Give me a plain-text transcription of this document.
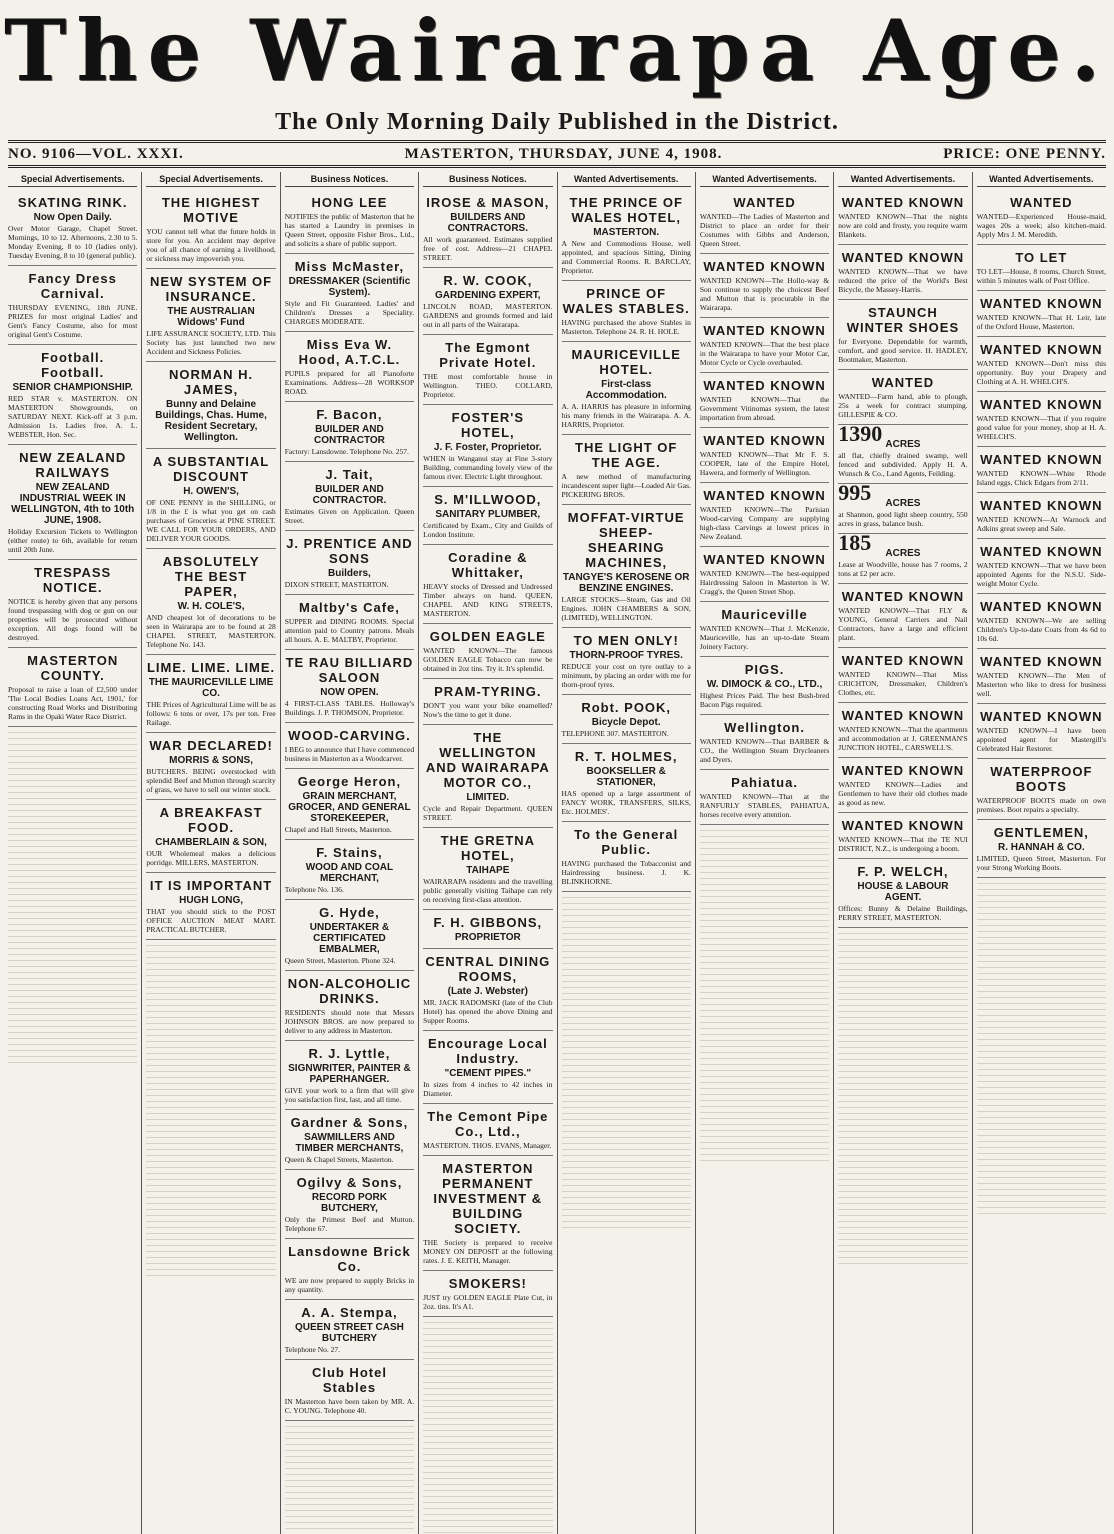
The Wairarapa Age.
The Only Morning Daily Published in the District.
NO. 9106—VOL. XXXI.	MASTERTON, THURSDAY, JUNE 4, 1908.	PRICE: ONE PENNY.
Special Advertisements.
SKATING RINK.
Now Open Daily.

Over Motor Garage, Chapel Street. Mornings, 10 to 12. Afternoons, 2.30 to 5. Monday Evening, 8 to 10 (ladies only). Tuesday Evening, 8 to 10 (general public).

Fancy Dress Carnival.

THURSDAY EVENING, 18th JUNE. PRIZES for most original Ladies' and Gent's Fancy Costume, also for most original Gent's Costume.

Football. Football.
SENIOR CHAMPIONSHIP.

RED STAR v. MASTERTON. ON MASTERTON Showgrounds, on SATURDAY NEXT. Kick-off at 3 p.m. Admission 1s. Ladies free. A. L. WEBSTER, Hon. Sec.

NEW ZEALAND RAILWAYS
NEW ZEALAND INDUSTRIAL WEEK IN WELLINGTON, 4th to 10th JUNE, 1908.

Holiday Excursion Tickets to Wellington (either route) to 6th, available for return until 20th June.

TRESPASS NOTICE.

NOTICE is hereby given that any persons found trespassing with dog or gun on our properties will be prosecuted without exception. All dogs found will be destroyed.

MASTERTON COUNTY.

Proposal to raise a loan of £2,500 under 'The Local Bodies Loans Act, 1901,' for constructing Road Works and Distributing Rams in the Opaki Water Race District.

Special Advertisements.
THE HIGHEST MOTIVE

YOU cannot tell what the future holds in store for you. An accident may deprive you of all chance of earning a livelihood, or sickness may impoverish you.

NEW SYSTEM OF INSURANCE.
THE AUSTRALIAN Widows' Fund

LIFE ASSURANCE SOCIETY, LTD. This Society has just launched two new Accident and Sickness Policies.

NORMAN H. JAMES,
Bunny and Delaine Buildings, Chas. Hume, Resident Secretary, Wellington.
A SUBSTANTIAL DISCOUNT
H. OWEN'S,

OF ONE PENNY in the SHILLING, or 1/8 in the £ is what you get on cash purchases of Groceries at PINE STREET. WE CALL FOR YOUR ORDERS, AND DELIVER YOUR GOODS.

ABSOLUTELY THE BEST PAPER,
W. H. COLE'S,

AND cheapest lot of decorations to be seen in Wairarapa are to be found at 28 CHAPEL STREET, MASTERTON. Telephone No. 143.

LIME. LIME. LIME.
THE MAURICEVILLE LIME CO.

THE Prices of Agricultural Lime will be as follows: 6 tons or over, 17s per ton. Free Railage.

WAR DECLARED!
MORRIS & SONS,

BUTCHERS. BEING overstocked with splendid Beef and Mutton through scarcity of grass, we have to sell our winter stock.

A BREAKFAST FOOD.
CHAMBERLAIN & SON,

OUR Wholemeal makes a delicious porridge. MILLERS, MASTERTON.

IT IS IMPORTANT
HUGH LONG,

THAT you should stick to the POST OFFICE AUCTION MEAT MART. PRACTICAL BUTCHER.

Business Notices.
HONG LEE

NOTIFIES the public of Masterton that he has started a Laundry in premises in Queen Street, opposite Fisher Bros., Ltd., and solicits a share of public support.

Miss McMaster,
DRESSMAKER (Scientific System).

Style and Fit Guaranteed. Ladies' and Children's Dresses a Speciality. CHARGES MODERATE.

Miss Eva W. Hood, A.T.C.L.

PUPILS prepared for all Pianoforte Examinations. Address—28 WORKSOP ROAD.

F. Bacon,
BUILDER AND CONTRACTOR

Factory: Lansdowne. Telephone No. 257.

J. Tait,
BUILDER AND CONTRACTOR.

Estimates Given on Application. Queen Street.

J. PRENTICE AND SONS
Builders,

DIXON STREET, MASTERTON.

Maltby's Cafe,

SUPPER and DINING ROOMS. Special attention paid to Country patrons. Meals all hours. A. E. MALTBY, Proprietor.

TE RAU BILLIARD SALOON
NOW OPEN.

4 FIRST-CLASS TABLES. Holloway's Buildings. J. P. THOMSON, Proprietor.

WOOD-CARVING.

I BEG to announce that I have commenced business in Masterton as a Woodcarver.

George Heron,
GRAIN MERCHANT, GROCER, AND GENERAL STOREKEEPER,

Chapel and Hall Streets, Masterton.

F. Stains,
WOOD AND COAL MERCHANT,

Telephone No. 136.

G. Hyde,
UNDERTAKER & CERTIFICATED EMBALMER,

Queen Street, Masterton. Phone 324.

NON-ALCOHOLIC DRINKS.

RESIDENTS should note that Messrs JOHNSON BROS. are now prepared to deliver to any address in Masterton.

R. J. Lyttle,
SIGNWRITER, PAINTER & PAPERHANGER.

GIVE your work to a firm that will give you satisfaction first, last, and all time.

Gardner & Sons,
SAWMILLERS AND TIMBER MERCHANTS,

Queen & Chapel Streets, Masterton.

Ogilvy & Sons,
RECORD PORK BUTCHERY,

Only the Primest Beef and Mutton. Telephone 67.

Lansdowne Brick Co.

WE are now prepared to supply Bricks in any quantity.

A. A. Stempa,
QUEEN STREET CASH BUTCHERY

Telephone No. 27.

Club Hotel Stables

IN Masterton have been taken by MR. A. C. YOUNG. Telephone 40.

Business Notices.
IROSE & MASON,
BUILDERS AND CONTRACTORS.

All work guaranteed. Estimates supplied free of cost. Address—21 CHAPEL STREET.

R. W. COOK,
GARDENING EXPERT,

LINCOLN ROAD, MASTERTON. GARDENS and grounds formed and laid out in all parts of the Wairarapa.

The Egmont Private Hotel.

THE most comfortable house in Wellington. THEO. COLLARD, Proprietor.

FOSTER'S HOTEL,
J. F. Foster, Proprietor.

WHEN in Wanganui stay at Fine 3-story Building, commanding lovely view of the famous river. Electric Light throughout.

S. M'ILLWOOD,
SANITARY PLUMBER,

Certificated by Exam., City and Guilds of London Institute.

Coradine & Whittaker,

HEAVY stocks of Dressed and Undressed Timber always on hand. QUEEN, CHAPEL AND KING STREETS, MASTERTON.

GOLDEN EAGLE

WANTED KNOWN—The famous GOLDEN EAGLE Tobacco can now be obtained in 2oz tins. Try it. It's splendid.

PRAM-TYRING.

DON'T you want your bike enamelled? Now's the time to get it done.

THE WELLINGTON AND WAIRARAPA MOTOR CO.,
LIMITED.

Cycle and Repair Department. QUEEN STREET.

THE GRETNA HOTEL,
TAIHAPE

WAIRARAPA residents and the travelling public generally visiting Taihape can rely on receiving first-class attention.

F. H. GIBBONS,
PROPRIETOR
CENTRAL DINING ROOMS,
(Late J. Webster)

MR. JACK RADOMSKI (late of the Club Hotel) has opened the above Dining and Supper Rooms.

Encourage Local Industry.
"CEMENT PIPES."

In sizes from 4 inches to 42 inches in Diameter.

The Cemont Pipe Co., Ltd.,

MASTERTON. THOS. EVANS, Manager.

MASTERTON PERMANENT INVESTMENT & BUILDING SOCIETY.

THE Society is prepared to receive MONEY ON DEPOSIT at the following rates. J. E. KEITH, Manager.

SMOKERS!

JUST try GOLDEN EAGLE Plate Cut, in 2oz. tins. It's A1.

Wanted Advertisements.
THE PRINCE OF WALES HOTEL,
MASTERTON.

A New and Commodious House, well appointed, and spacious Sitting, Dining and Commercial Rooms. R. BARCLAY, Proprietor.

PRINCE OF WALES STABLES.

HAVING purchased the above Stables in Masterton. Telephone 24. R. H. HOLE.

MAURICEVILLE HOTEL.
First-class Accommodation.

A. A. HARRIS has pleasure in informing his many friends in the Wairarapa. A. A. HARRIS, Proprietor.

THE LIGHT OF THE AGE.

A new method of manufacturing incandescent super light—Loaded Air Gas. PICKERING BROS.

MOFFAT-VIRTUE SHEEP-SHEARING MACHINES,
TANGYE'S KEROSENE OR BENZINE ENGINES.

LARGE STOCKS—Steam, Gas and Oil Engines. JOHN CHAMBERS & SON, (LIMITED), WELLINGTON.

TO MEN ONLY!
THORN-PROOF TYRES.

REDUCE your cost on tyre outlay to a minimum, by placing an order with me for thorn-proof tyres.

Robt. POOK,
Bicycle Depot.

TELEPHONE 307. MASTERTON.

R. T. HOLMES,
BOOKSELLER & STATIONER,

HAS opened up a large assortment of FANCY WORK, TRANSFERS, SILKS, Etc. HOLMES'.

To the General Public.

HAVING purchased the Tobacconist and Hairdressing business. J. K. BLINKHORNE.

Wanted Advertisements.
WANTED

WANTED—The Ladies of Masterton and District to place an order for their Costumes with Gibbs and Anderson, Queen Street.

WANTED KNOWN

WANTED KNOWN—The Hollo-way & Son continue to supply the choicest Beef and Mutton that is procurable in the Wairarapa.

WANTED KNOWN

WANTED KNOWN—That the best place in the Wairarapa to have your Motor Car, Motor Cycle or Cycle overhauled.

WANTED KNOWN

WANTED KNOWN—That the Government Vitinomas system, the latest importation from abroad.

WANTED KNOWN

WANTED KNOWN—That Mr F. S. COOPER, late of the Empire Hotel, Hawera, and formerly of Wellington.

WANTED KNOWN

WANTED KNOWN—The Parisian Wood-carving Company are supplying high-class Carvings at lowest prices in New Zealand.

WANTED KNOWN

WANTED KNOWN—The best-equipped Hairdressing Saloon in Masterton is W. Cragg's, the Queen Street Shop.

Mauriceville

WANTED KNOWN—That J. McKenzie, Mauriceville, has an up-to-date Steam Joinery Factory.

PIGS.
W. DIMOCK & CO., LTD.,

Highest Prices Paid. The best Bush-bred Bacon Pigs required.

Wellington.

WANTED KNOWN—That BARBER & CO., the Wellington Steam Drycleaners and Dyers.

Pahiatua.

WANTED KNOWN—That at the RANFURLY STABLES, PAHIATUA, horses receive every attention.

Wanted Advertisements.
WANTED KNOWN

WANTED KNOWN—That the nights now are cold and frosty, you require warm Blankets.

WANTED KNOWN

WANTED KNOWN—That we have reduced the price of the World's Best Bicycle, the Massey-Harris.

STAUNCH WINTER SHOES

for Everyone. Dependable for warmth, comfort, and good service. H. HADLEY, Bootmaker, Masterton.

WANTED

WANTED—Farm hand, able to plough, 25s a week for contract stumping. GILLESPIE & CO.

1390 ACRES

all flat, chiefly drained swamp, well fenced and subdivided. Apply H. A. Wunsch & Co., Land Agents, Feilding.

995	ACRES

at Shannon, good light sheep country, 550 acres in grass, balance bush.

185	ACRES

Lease at Woodville, house has 7 rooms, 2 tons at £2 per acre.

WANTED KNOWN

WANTED KNOWN—That FLY & YOUNG, General Carriers and Nail Contractors, have a large and efficient plant.

WANTED KNOWN

WANTED KNOWN—That Miss CRICHTON, Dressmaker, Children's Clothes, etc.

WANTED KNOWN

WANTED KNOWN—That the apartments and accommodation at J. GREENMAN'S JUNCTION HOTEL, CARSWELL'S.

WANTED KNOWN

WANTED KNOWN—Ladies and Gentlemen to have their old clothes made as good as new.

WANTED KNOWN

WANTED KNOWN—That the TE NUI DISTRICT, N.Z., is undergoing a boom.

F. P. WELCH,
HOUSE & LABOUR AGENT.

Offices: Bunny & Delaine Buildings, PERRY STREET, MASTERTON.

Wanted Advertisements.
WANTED

WANTED—Experienced House-maid, wages 20s a week; also kitchen-maid. Apply Mrs J. M. Meredith.

TO LET

TO LET—House, 8 rooms, Church Street, within 5 minutes walk of Post Office.

WANTED KNOWN

WANTED KNOWN—That H. Leir, late of the Oxford House, Masterton.

WANTED KNOWN

WANTED KNOWN—Don't miss this opportunity. Buy your Drapery and Clothing at A. H. WHELCH'S.

WANTED KNOWN

WANTED KNOWN—That if you require good value for your money, shop at H. A. WHELCH'S.

WANTED KNOWN

WANTED KNOWN—White Rhode Island eggs, Chick Edgars from 2/11.

WANTED KNOWN

WANTED KNOWN—At Warnock and Adkins great sweep and Sale.

WANTED KNOWN

WANTED KNOWN—That we have been appointed Agents for the N.S.U. Side-weight Motor Cycle.

WANTED KNOWN

WANTED KNOWN—We are selling Children's Up-to-date Coats from 4s 6d to 10s 6d.

WANTED KNOWN

WANTED KNOWN—The Men of Masterton who like to dress for business well.

WANTED KNOWN

WANTED KNOWN—I have been appointed agent for Mastergill's Celebrated Hair Restorer.

WATERPROOF BOOTS

WATERPROOF BOOTS made on own premises. Boot repairs a specialty.

GENTLEMEN,
R. HANNAH & CO.

LIMITED, Queen Street, Masterton. For your Strong Working Boots.
